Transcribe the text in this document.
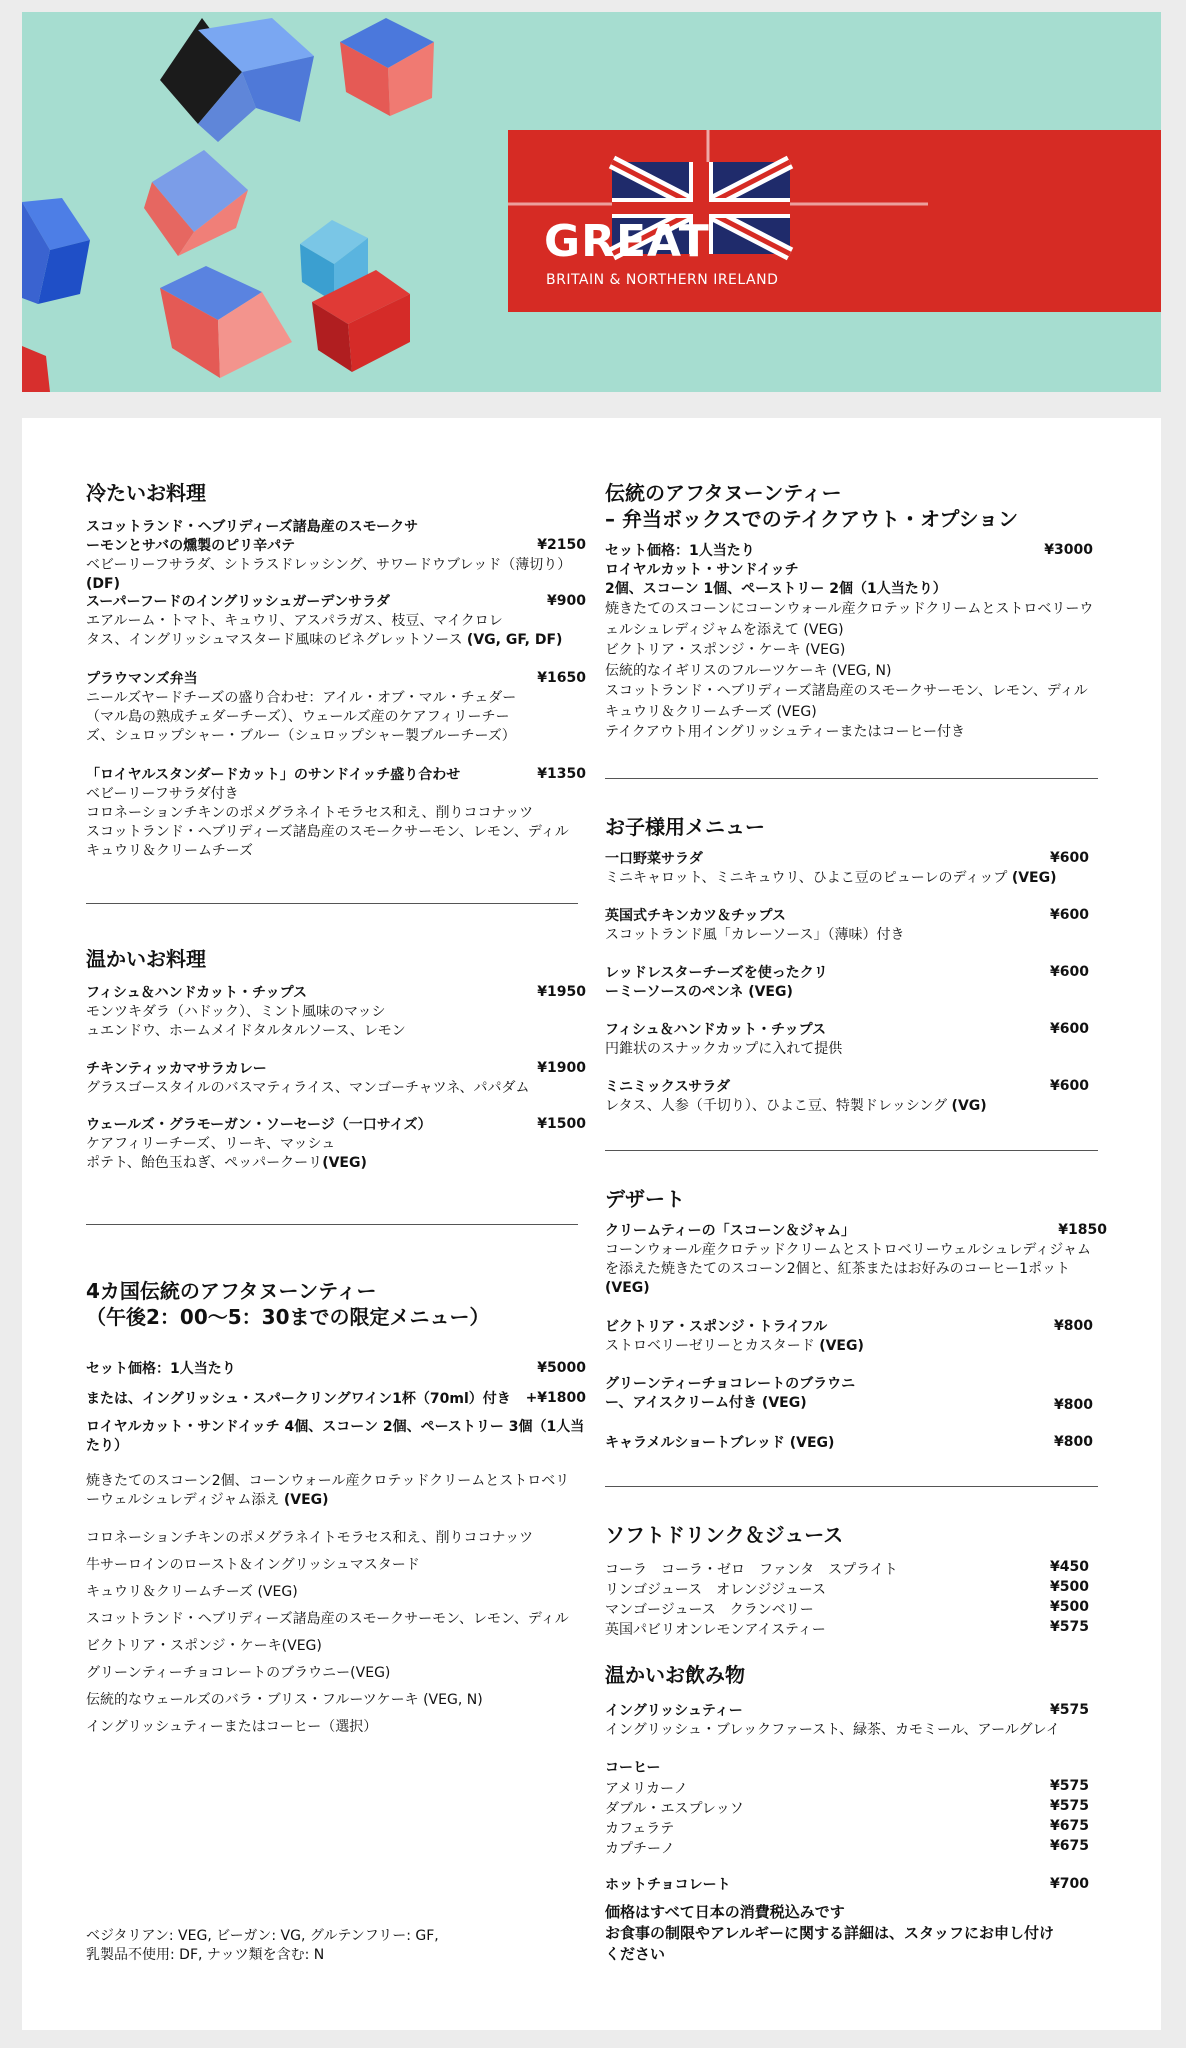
GREAT
BRITAIN & NORTHERN IRELAND
冷たいお料理
スコットランド・ヘブリディーズ諸島産のスモークサ
ーモンとサバの燻製のピリ辛パテ	¥2150
ベビーリーフサラダ、シトラスドレッシング、サワードウブレッド（薄切り） (DF)
スーパーフードのイングリッシュガーデンサラダ	¥900
エアルーム・トマト、キュウリ、アスパラガス、枝豆、マイクロレ
タス、イングリッシュマスタード風味のビネグレットソース (VG, GF, DF)
プラウマンズ弁当	¥1650
ニールズヤードチーズの盛り合わせ：アイル・オブ・マル・チェダー
（マル島の熟成チェダーチーズ）、ウェールズ産のケアフィリーチー
ズ、シュロップシャー・ブルー（シュロップシャー製ブルーチーズ）
「ロイヤルスタンダードカット」のサンドイッチ盛り合わせ	¥1350
ベビーリーフサラダ付き
コロネーションチキンのポメグラネイトモラセス和え、削りココナッツ
スコットランド・ヘブリディーズ諸島産のスモークサーモン、レモン、ディル
キュウリ＆クリームチーズ
温かいお料理
フィシュ＆ハンドカット・チップス	¥1950
モンツキダラ（ハドック）、ミント風味のマッシ
ュエンドウ、ホームメイドタルタルソース、レモン
チキンティッカマサラカレー	¥1900
グラスゴースタイルのバスマティライス、マンゴーチャツネ、パパダム
ウェールズ・グラモーガン・ソーセージ（一口サイズ）	¥1500
ケアフィリーチーズ、リーキ、マッシュ
ポテト、飴色玉ねぎ、ペッパークーリ(VEG)
4カ国伝統のアフタヌーンティー
（午後2：00〜5：30までの限定メニュー）
セット価格：1人当たり	¥5000
または、イングリッシュ・スパークリングワイン1杯（70ml）付き	+¥1800
ロイヤルカット・サンドイッチ 4個、スコーン 2個、ペーストリー 3個（1人当
たり）
焼きたてのスコーン2個、コーンウォール産クロテッドクリームとストロベリ
ーウェルシュレディジャム添え (VEG)
コロネーションチキンのポメグラネイトモラセス和え、削りココナッツ
牛サーロインのロースト＆イングリッシュマスタード
キュウリ＆クリームチーズ (VEG)
スコットランド・ヘブリディーズ諸島産のスモークサーモン、レモン、ディル
ビクトリア・スポンジ・ケーキ(VEG)
グリーンティーチョコレートのブラウニー(VEG)
伝統的なウェールズのバラ・ブリス・フルーツケーキ (VEG, N)
イングリッシュティーまたはコーヒー（選択）
ベジタリアン: VEG, ビーガン: VG, グルテンフリー: GF,
乳製品不使用: DF, ナッツ類を含む: N
伝統のアフタヌーンティー
– 弁当ボックスでのテイクアウト・オプション
セット価格：1人当たり	¥3000
ロイヤルカット・サンドイッチ
2個、スコーン 1個、ペーストリー 2個（1人当たり）
焼きたてのスコーンにコーンウォール産クロテッドクリームとストロベリーウ
ェルシュレディジャムを添えて (VEG)
ビクトリア・スポンジ・ケーキ (VEG)
伝統的なイギリスのフルーツケーキ (VEG, N)
スコットランド・ヘブリディーズ諸島産のスモークサーモン、レモン、ディル
キュウリ＆クリームチーズ (VEG)
テイクアウト用イングリッシュティーまたはコーヒー付き
お子様用メニュー
一口野菜サラダ	¥600
ミニキャロット、ミニキュウリ、ひよこ豆のピューレのディップ (VEG)
英国式チキンカツ＆チップス	¥600
スコットランド風「カレーソース」（薄味）付き
レッドレスターチーズを使ったクリ
ーミーソースのペンネ (VEG)
¥600
フィシュ＆ハンドカット・チップス	¥600
円錐状のスナックカップに入れて提供
ミニミックスサラダ	¥600
レタス、人参（千切り）、ひよこ豆、特製ドレッシング (VG)
デザート
クリームティーの「スコーン＆ジャム」	¥1850
コーンウォール産クロテッドクリームとストロベリーウェルシュレディジャム
を添えた焼きたてのスコーン2個と、紅茶またはお好みのコーヒー1ポット
(VEG)
ビクトリア・スポンジ・トライフル	¥800
ストロベリーゼリーとカスタード (VEG)
グリーンティーチョコレートのブラウニ
ー、アイスクリーム付き (VEG)	¥800
キャラメルショートブレッド (VEG)	¥800
ソフトドリンク＆ジュース
コーラ　コーラ・ゼロ　ファンタ　スプライト	¥450
リンゴジュース　オレンジジュース	¥500
マンゴージュース　クランベリー	¥500
英国パビリオンレモンアイスティー	¥575
温かいお飲み物
イングリッシュティー	¥575
イングリッシュ・ブレックファースト、緑茶、カモミール、アールグレイ
コーヒー
アメリカーノ	¥575
ダブル・エスプレッソ	¥575
カフェラテ	¥675
カプチーノ	¥675
ホットチョコレート	¥700
価格はすべて日本の消費税込みです
お食事の制限やアレルギーに関する詳細は、スタッフにお申し付け
ください
